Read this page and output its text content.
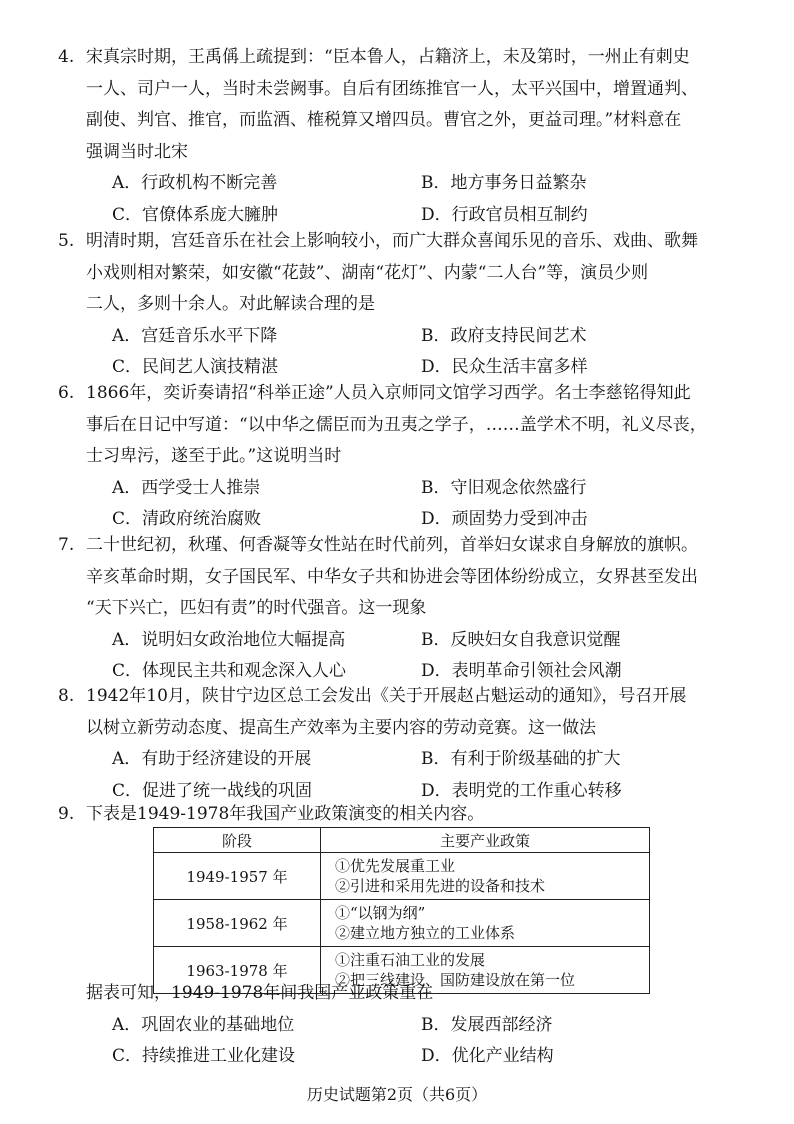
4. 宋真宗时期，王禹偁上疏提到：“臣本鲁人，占籍济上，未及第时，一州止有刺史
一人、司户一人，当时未尝阙事。自后有团练推官一人，太平兴国中，增置通判、
副使、判官、推官，而监酒、榷税算又增四员。曹官之外，更益司理。”材料意在
强调当时北宋
A．行政机构不断完善	B．地方事务日益繁杂
C．官僚体系庞大臃肿	D．行政官员相互制约
5. 明清时期，宫廷音乐在社会上影响较小，而广大群众喜闻乐见的音乐、戏曲、歌舞
小戏则相对繁荣，如安徽“花鼓”、湖南“花灯”、内蒙“二人台”等，演员少则
二人，多则十余人。对此解读合理的是
A．宫廷音乐水平下降	B．政府支持民间艺术
C．民间艺人演技精湛	D．民众生活丰富多样
6. 1866年，奕䜣奏请招“科举正途”人员入京师同文馆学习西学。名士李慈铭得知此
事后在日记中写道：“以中华之儒臣而为丑夷之学子，……盖学术不明，礼义尽丧，
士习卑污，遂至于此。”这说明当时
A．西学受士人推崇	B．守旧观念依然盛行
C．清政府统治腐败	D．顽固势力受到冲击
7. 二十世纪初，秋瑾、何香凝等女性站在时代前列，首举妇女谋求自身解放的旗帜。
辛亥革命时期，女子国民军、中华女子共和协进会等团体纷纷成立，女界甚至发出
“天下兴亡，匹妇有责”的时代强音。这一现象
A．说明妇女政治地位大幅提高	B．反映妇女自我意识觉醒
C．体现民主共和观念深入人心	D．表明革命引领社会风潮
8. 1942年10月，陕甘宁边区总工会发出《关于开展赵占魁运动的通知》，号召开展
以树立新劳动态度、提高生产效率为主要内容的劳动竞赛。这一做法
A．有助于经济建设的开展	B．有利于阶级基础的扩大
C．促进了统一战线的巩固	D．表明党的工作重心转移
9. 下表是1949-1978年我国产业政策演变的相关内容。
阶段	主要产业政策
1949-1957 年	①优先发展重工业
②引进和采用先进的设备和技术

1958-1962 年	①“以钢为纲”
②建立地方独立的工业体系

1963-1978 年	①注重石油工业的发展
②把三线建设、国防建设放在第一位
据表可知，1949-1978年间我国产业政策重在
A．巩固农业的基础地位	B．发展西部经济
C．持续推进工业化建设	D．优化产业结构
历史试题第2页（共6页）
